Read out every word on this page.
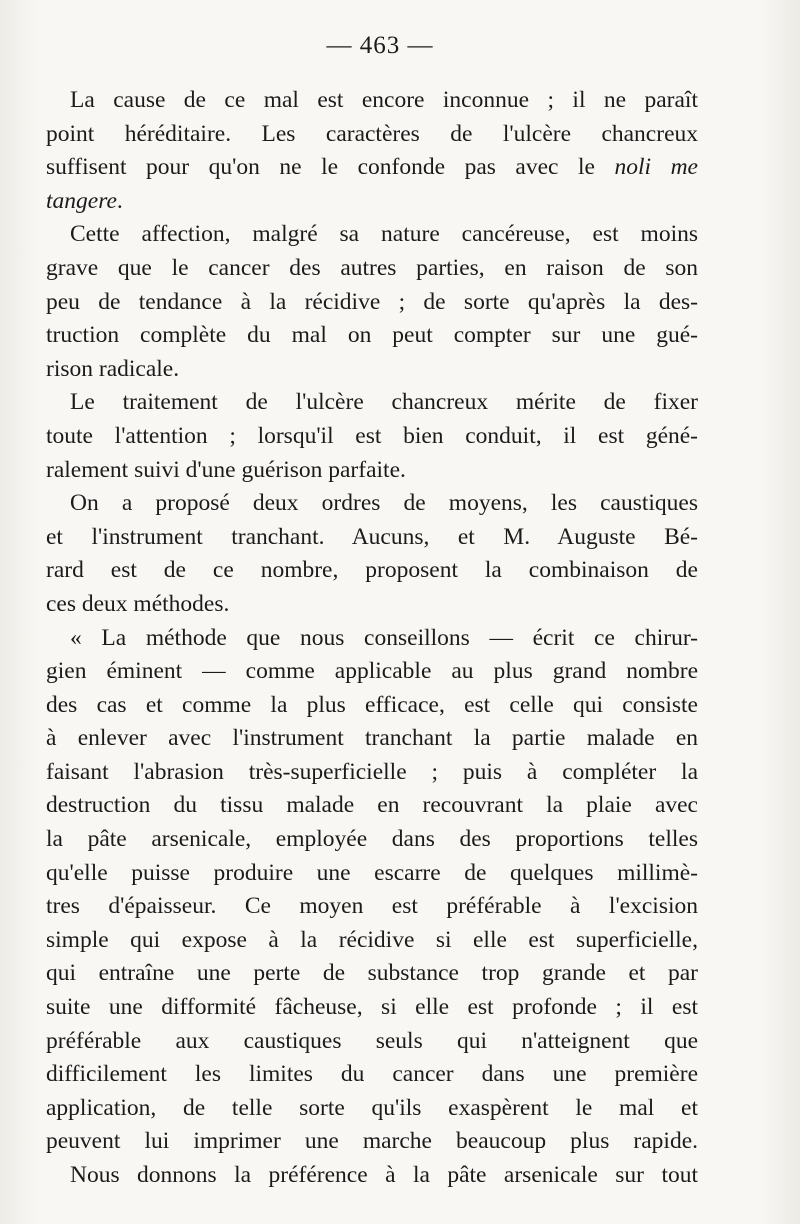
— 463 —
La cause de ce mal est encore inconnue ; il ne paraît
point héréditaire. Les caractères de l'ulcère chancreux
suffisent pour qu'on ne le confonde pas avec le noli me
tangere.
Cette affection, malgré sa nature cancéreuse, est moins
grave que le cancer des autres parties, en raison de son
peu de tendance à la récidive ; de sorte qu'après la des-
truction complète du mal on peut compter sur une gué-
rison radicale.
Le traitement de l'ulcère chancreux mérite de fixer
toute l'attention ; lorsqu'il est bien conduit, il est géné-
ralement suivi d'une guérison parfaite.
On a proposé deux ordres de moyens, les caustiques
et l'instrument tranchant. Aucuns, et M. Auguste Bé-
rard est de ce nombre, proposent la combinaison de
ces deux méthodes.
« La méthode que nous conseillons — écrit ce chirur-
gien éminent — comme applicable au plus grand nombre
des cas et comme la plus efficace, est celle qui consiste
à enlever avec l'instrument tranchant la partie malade en
faisant l'abrasion très-superficielle ; puis à compléter la
destruction du tissu malade en recouvrant la plaie avec
la pâte arsenicale, employée dans des proportions telles
qu'elle puisse produire une escarre de quelques millimè-
tres d'épaisseur. Ce moyen est préférable à l'excision
simple qui expose à la récidive si elle est superficielle,
qui entraîne une perte de substance trop grande et par
suite une difformité fâcheuse, si elle est profonde ; il est
préférable aux caustiques seuls qui n'atteignent que
difficilement les limites du cancer dans une première
application, de telle sorte qu'ils exaspèrent le mal et
peuvent lui imprimer une marche beaucoup plus rapide.
Nous donnons la préférence à la pâte arsenicale sur tout
